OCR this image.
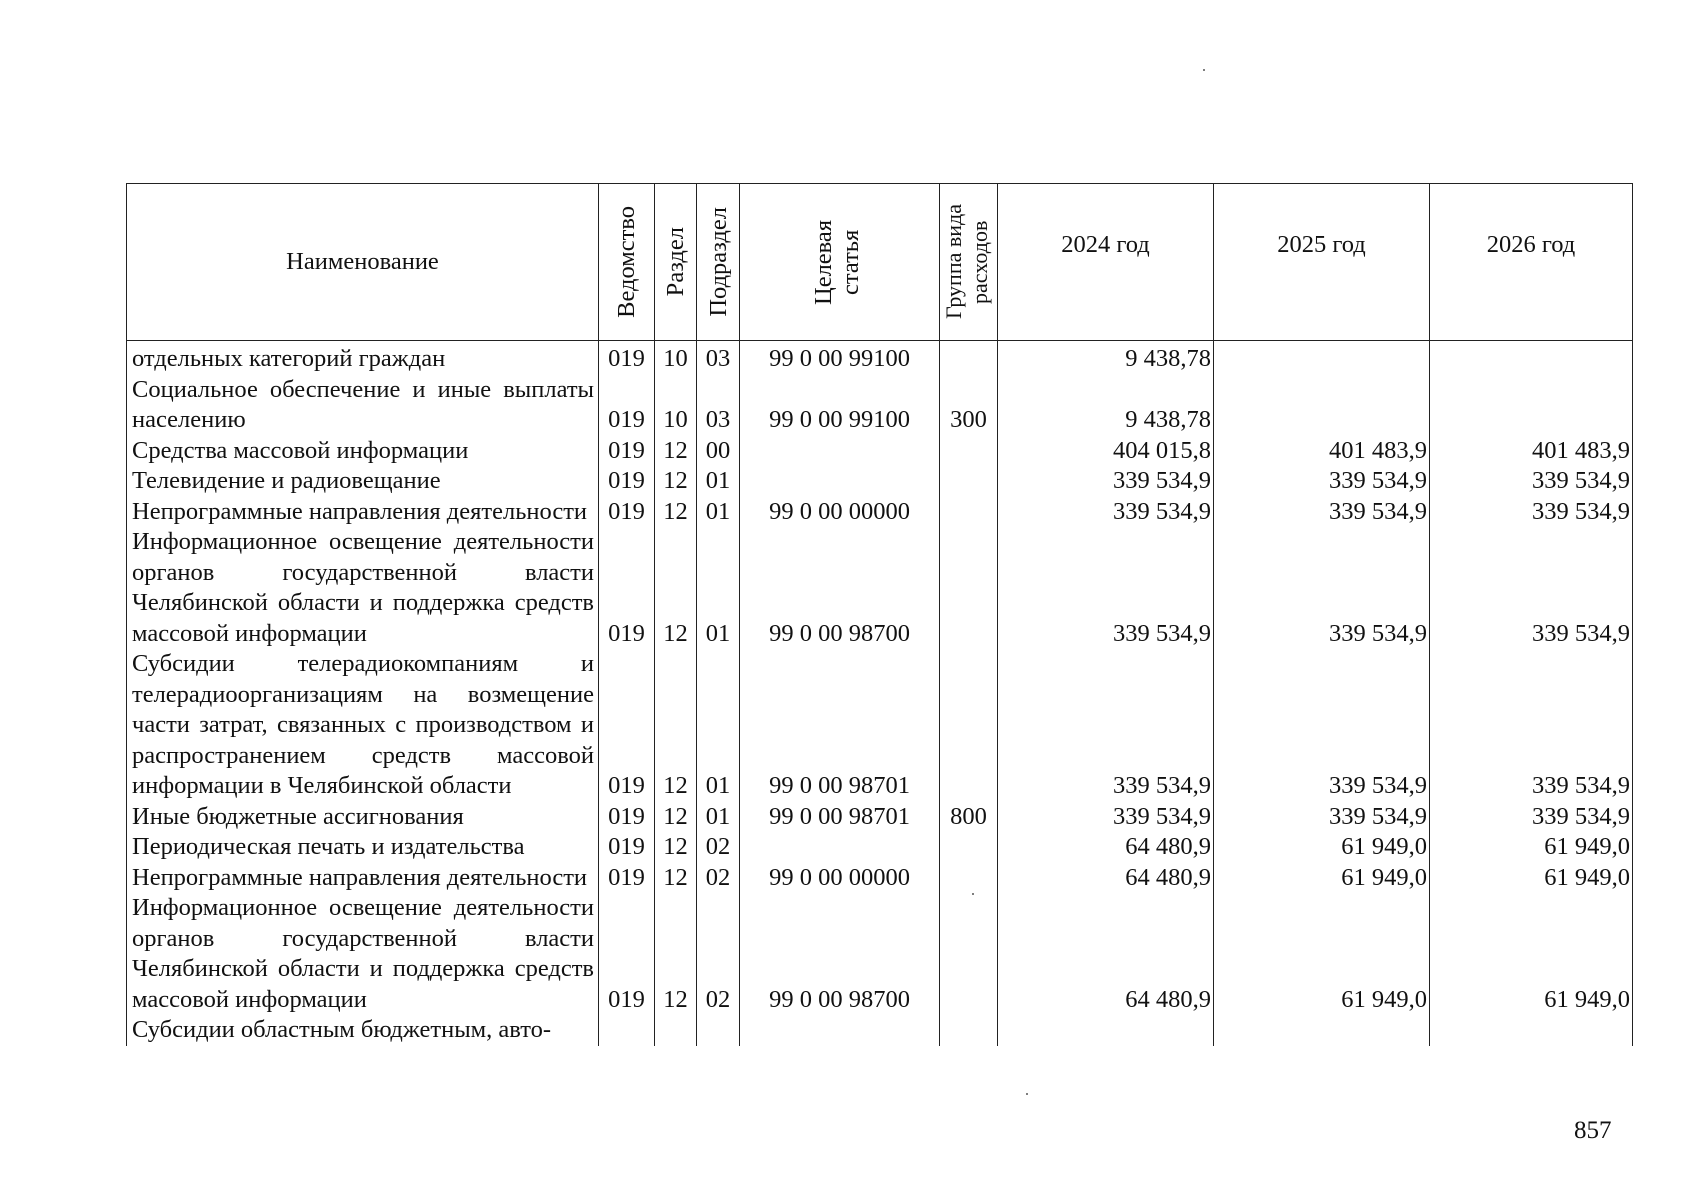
Наименование	Ведомство	Раздел	Подраздел	Целевая статья	Группа вида расходов	2024 год	2025 год	2026 год

отдельных категорий граждан	019	10	03	99 0 00 99100		9 438,78		
Социальное обеспечение и иные выплаты населению	019	10	03	99 0 00 99100	300	9 438,78		
Средства массовой информации	019	12	00			404 015,8	401 483,9	401 483,9
Телевидение и радиовещание	019	12	01			339 534,9	339 534,9	339 534,9
Непрограммные направления деятельности	019	12	01	99 0 00 00000		339 534,9	339 534,9	339 534,9
Информационное освещение деятельности органов государственной власти Челябинской области и поддержка средств массовой информации	019	12	01	99 0 00 98700		339 534,9	339 534,9	339 534,9
Субсидии телерадиокомпаниям и телерадиоорганизациям на возмещение части затрат, связанных с производством и распространением средств массовой информации в Челябинской области	019	12	01	99 0 00 98701		339 534,9	339 534,9	339 534,9
Иные бюджетные ассигнования	019	12	01	99 0 00 98701	800	339 534,9	339 534,9	339 534,9
Периодическая печать и издательства	019	12	02			64 480,9	61 949,0	61 949,0
Непрограммные направления деятельности	019	12	02	99 0 00 00000		64 480,9	61 949,0	61 949,0
Информационное освещение деятельности органов государственной власти Челябинской области и поддержка средств массовой информации	019	12	02	99 0 00 98700		64 480,9	61 949,0	61 949,0
Субсидии областным бюджетным, авто-								
857
